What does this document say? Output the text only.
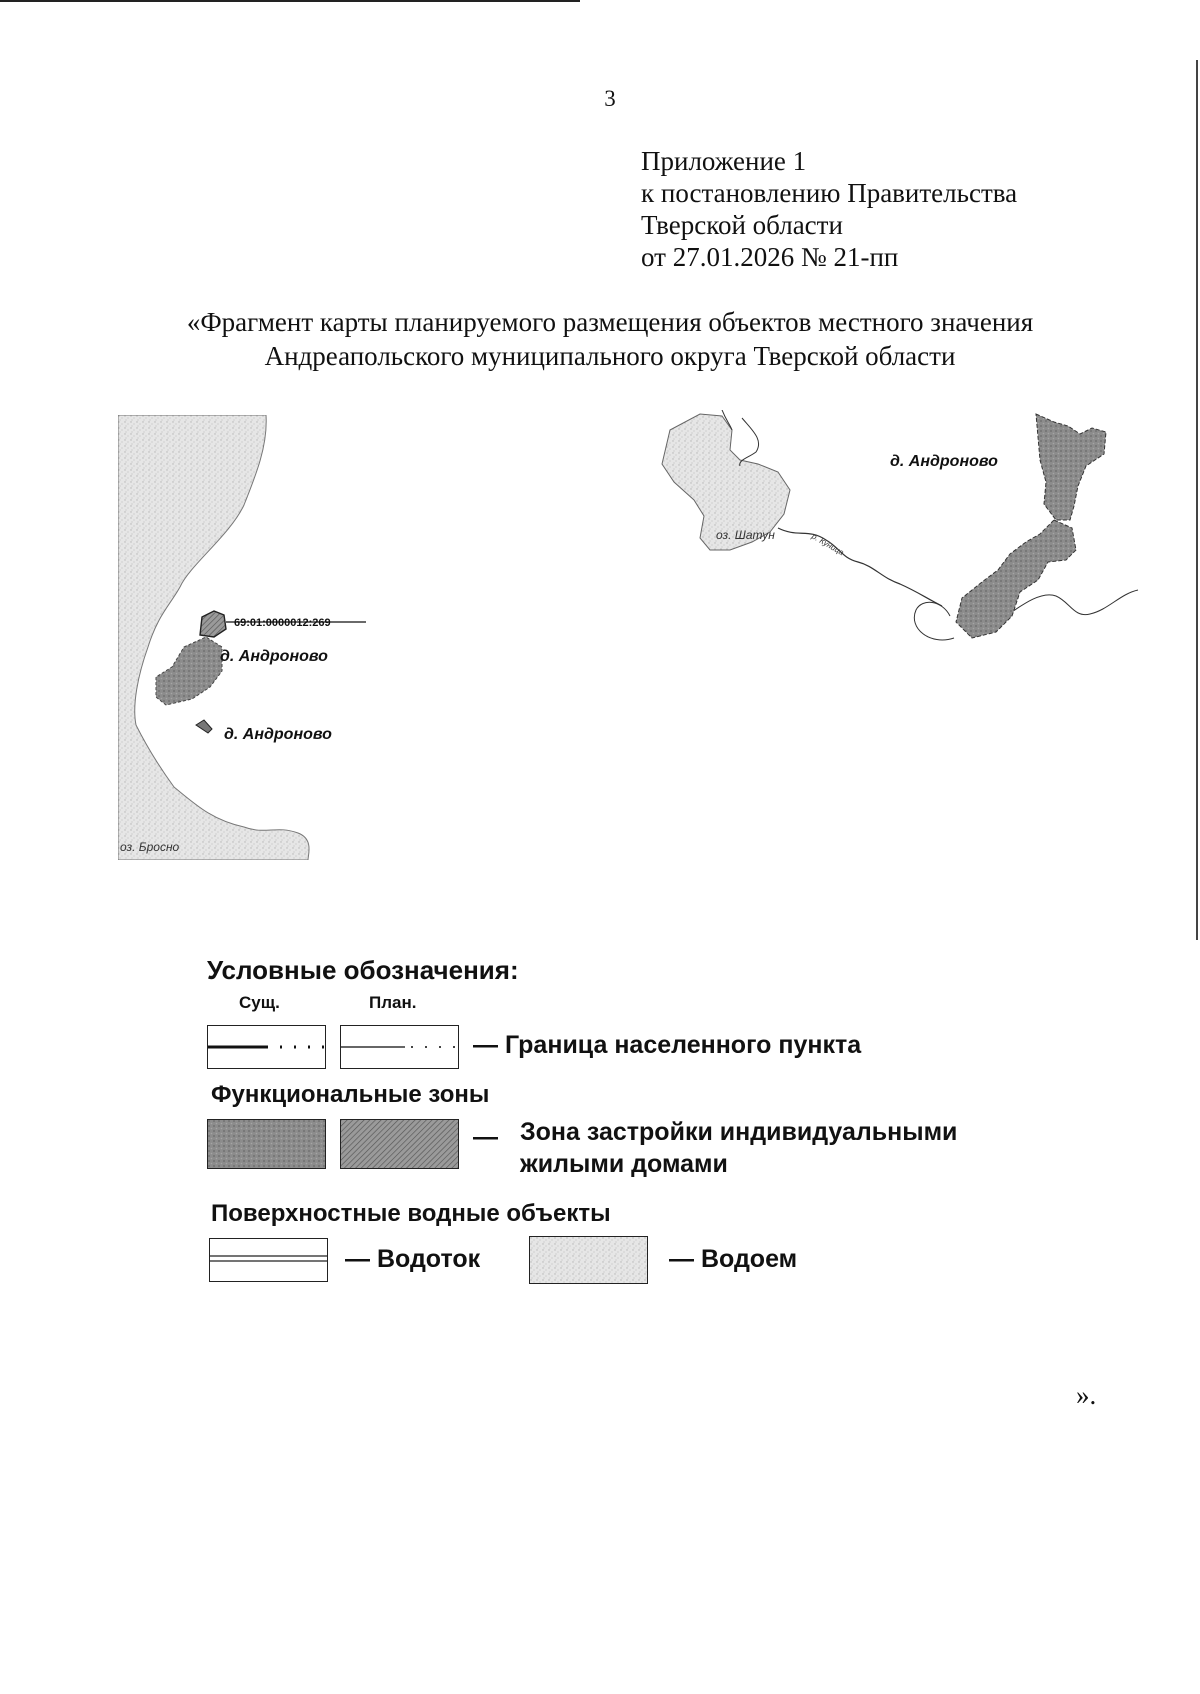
3
Приложение 1
к постановлению Правительства
Тверской области
от 27.01.2026 № 21-пп
«Фрагмент карты планируемого размещения объектов местного значения
Андреапольского муниципального округа Тверской области
69:01:0000012:269
д. Андроново
д. Андроново
оз. Бросно
д. Андроново
оз. Шатун	р. Куница
Условные обозначения:
Сущ.	План.
— Граница населенного пункта
Функциональные зоны
— Зона застройки индивидуальными
жилыми домами
Поверхностные водные объекты
— Водоток	— Водоем
».
